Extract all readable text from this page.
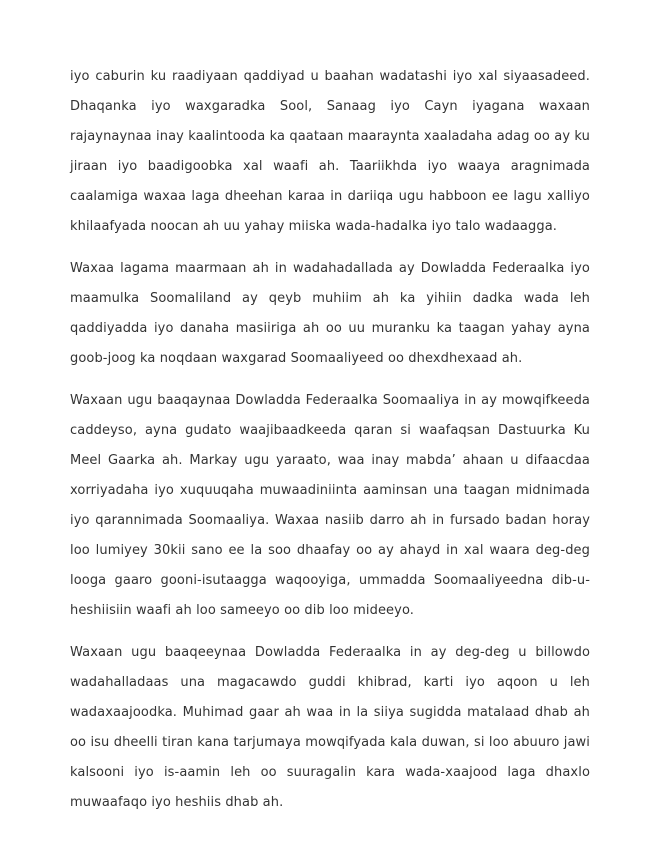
iyo caburin ku raadiyaan qaddiyad u baahan wadatashi iyo xal siyaasadeed. Dhaqanka iyo waxgaradka Sool, Sanaag iyo Cayn iyagana waxaan rajaynaynaa inay kaalintooda ka qaataan maaraynta xaaladaha adag oo ay ku jiraan iyo baadigoobka xal waafi ah. Taariikhda iyo waaya aragnimada caalamiga waxaa laga dheehan karaa in dariiqa ugu habboon ee lagu xalliyo khilaafyada noocan ah uu yahay miiska wada-hadalka iyo talo wadaagga.

Waxaa lagama maarmaan ah in wadahadallada ay Dowladda Federaalka iyo maamulka Soomaliland ay qeyb muhiim ah ka yihiin dadka wada leh qaddiyadda iyo danaha masiiriga ah oo uu muranku ka taagan yahay ayna goob-joog ka noqdaan waxgarad Soomaaliyeed oo dhexdhexaad ah.

Waxaan ugu baaqaynaa Dowladda Federaalka Soomaaliya in ay mowqifkeeda caddeyso, ayna gudato waajibaadkeeda qaran si waafaqsan Dastuurka Ku Meel Gaarka ah. Markay ugu yaraato, waa inay mabda’ ahaan u difaacdaa xorriyadaha iyo xuquuqaha muwaadiniinta aaminsan una taagan midnimada iyo qarannimada Soomaaliya. Waxaa nasiib darro ah in fursado badan horay loo lumiyey 30kii sano ee la soo dhaafay oo ay ahayd in xal waara deg-deg looga gaaro gooni-isutaagga waqooyiga, ummadda Soomaaliyeedna dib-u-heshiisiin waafi ah loo sameeyo oo dib loo mideeyo.

Waxaan ugu baaqeeynaa Dowladda Federaalka in ay deg-deg u billowdo wadahalladaas una magacawdo guddi khibrad, karti iyo aqoon u leh wadaxaajoodka. Muhimad gaar ah waa in la siiya sugidda matalaad dhab ah oo isu dheelli tiran kana tarjumaya mowqifyada kala duwan, si loo abuuro jawi kalsooni iyo is-aamin leh oo suuragalin kara wada-xaajood laga dhaxlo muwaafaqo iyo heshiis dhab ah.
